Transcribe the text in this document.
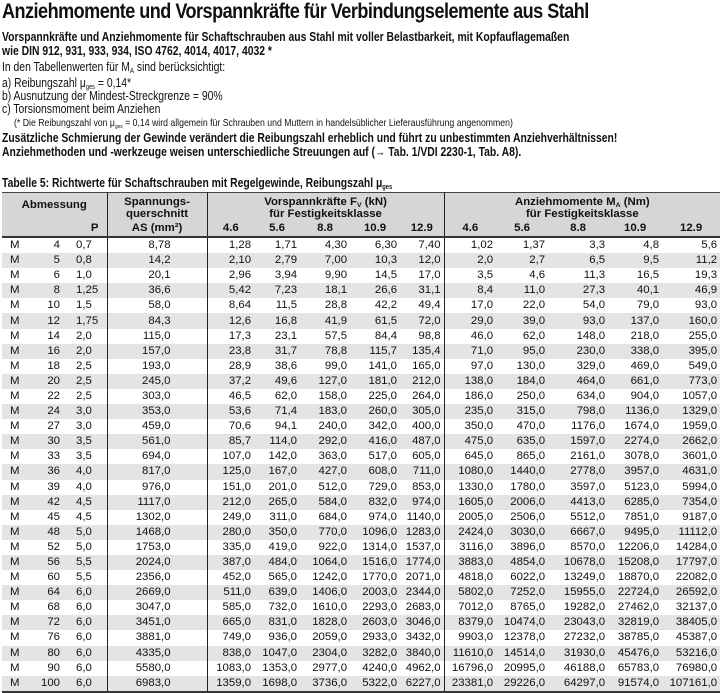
Anziehmomente und Vorspannkräfte für Verbindungselemente aus Stahl
Vorspannkräfte und Anziehmomente für Schaftschrauben aus Stahl mit voller Belastbarkeit, mit Kopfauflagemaßen
wie DIN 912, 931, 933, 934, ISO 4762, 4014, 4017, 4032 *
In den Tabellenwerten für $M_A$ sind berücksichtigt:
a) Reibungszahl $\mu_{ges} = 0,14*$
b) Ausnutzung der Mindest-Streckgrenze = 90%
c) Torsionsmoment beim Anziehen
(* Die Reibungszahl von $\mu_{ges} = 0,14$ wird allgemein für Schrauben und Muttern in handelsüblicher Lieferausführung angenommen)
Zusätzliche Schmierung der Gewinde verändert die Reibungszahl erheblich und führt zu unbestimmten Anziehverhältnissen!
Anziehmethoden und -werkzeuge weisen unterschiedliche Streuungen auf (→ Tab. 1/VDI 2230-1, Tab. A8).
Tabelle 5: Richtwerte für Schaftschrauben mit Regelgewinde, Reibungszahl $\mu_{ges}$
Abmessung			Spannungs-
querschnitt	Vorspannkräfte $F_V$ (kN)
für Festigkeitsklasse					Anziehmomente $M_A$ (Nm)
für Festigkeitsklasse				

P			AS (mm²)	4.6	5.6	8.8	10.9	12.9	4.6	5.6	8.8	10.9	12.9
M	4	0,7	8,78	1,28	1,71	4,30	6,30	7,40	1,02	1,37	3,3	4,8	5,6
M	5	0,8	14,2	2,10	2,79	7,00	10,3	12,0	2,0	2,7	6,5	9,5	11,2
M	6	1,0	20,1	2,96	3,94	9,90	14,5	17,0	3,5	4,6	11,3	16,5	19,3
M	8	1,25	36,6	5,42	7,23	18,1	26,6	31,1	8,4	11,0	27,3	40,1	46,9
M	10	1,5	58,0	8,64	11,5	28,8	42,2	49,4	17,0	22,0	54,0	79,0	93,0
M	12	1,75	84,3	12,6	16,8	41,9	61,5	72,0	29,0	39,0	93,0	137,0	160,0
M	14	2,0	115,0	17,3	23,1	57,5	84,4	98,8	46,0	62,0	148,0	218,0	255,0
M	16	2,0	157,0	23,8	31,7	78,8	115,7	135,4	71,0	95,0	230,0	338,0	395,0
M	18	2,5	193,0	28,9	38,6	99,0	141,0	165,0	97,0	130,0	329,0	469,0	549,0
M	20	2,5	245,0	37,2	49,6	127,0	181,0	212,0	138,0	184,0	464,0	661,0	773,0
M	22	2,5	303,0	46,5	62,0	158,0	225,0	264,0	186,0	250,0	634,0	904,0	1057,0
M	24	3,0	353,0	53,6	71,4	183,0	260,0	305,0	235,0	315,0	798,0	1136,0	1329,0
M	27	3,0	459,0	70,6	94,1	240,0	342,0	400,0	350,0	470,0	1176,0	1674,0	1959,0
M	30	3,5	561,0	85,7	114,0	292,0	416,0	487,0	475,0	635,0	1597,0	2274,0	2662,0
M	33	3,5	694,0	107,0	142,0	363,0	517,0	605,0	645,0	865,0	2161,0	3078,0	3601,0
M	36	4,0	817,0	125,0	167,0	427,0	608,0	711,0	1080,0	1440,0	2778,0	3957,0	4631,0
M	39	4,0	976,0	151,0	201,0	512,0	729,0	853,0	1330,0	1780,0	3597,0	5123,0	5994,0
M	42	4,5	1117,0	212,0	265,0	584,0	832,0	974,0	1605,0	2006,0	4413,0	6285,0	7354,0
M	45	4,5	1302,0	249,0	311,0	684,0	974,0	1140,0	2005,0	2506,0	5512,0	7851,0	9187,0
M	48	5,0	1468,0	280,0	350,0	770,0	1096,0	1283,0	2424,0	3030,0	6667,0	9495,0	11112,0
M	52	5,0	1753,0	335,0	419,0	922,0	1314,0	1537,0	3116,0	3896,0	8570,0	12206,0	14284,0
M	56	5,5	2024,0	387,0	484,0	1064,0	1516,0	1774,0	3883,0	4854,0	10678,0	15208,0	17797,0
M	60	5,5	2356,0	452,0	565,0	1242,0	1770,0	2071,0	4818,0	6022,0	13249,0	18870,0	22082,0
M	64	6,0	2669,0	511,0	639,0	1406,0	2003,0	2344,0	5802,0	7252,0	15955,0	22724,0	26592,0
M	68	6,0	3047,0	585,0	732,0	1610,0	2293,0	2683,0	7012,0	8765,0	19282,0	27462,0	32137,0
M	72	6,0	3451,0	665,0	831,0	1828,0	2603,0	3046,0	8379,0	10474,0	23043,0	32819,0	38405,0
M	76	6,0	3881,0	749,0	936,0	2059,0	2933,0	3432,0	9903,0	12378,0	27232,0	38785,0	45387,0
M	80	6,0	4335,0	838,0	1047,0	2304,0	3282,0	3840,0	11610,0	14514,0	31930,0	45476,0	53216,0
M	90	6,0	5580,0	1083,0	1353,0	2977,0	4240,0	4962,0	16796,0	20995,0	46188,0	65783,0	76980,0
M	100	6,0	6983,0	1359,0	1698,0	3736,0	5322,0	6227,0	23381,0	29226,0	64297,0	91574,0	107161,0
